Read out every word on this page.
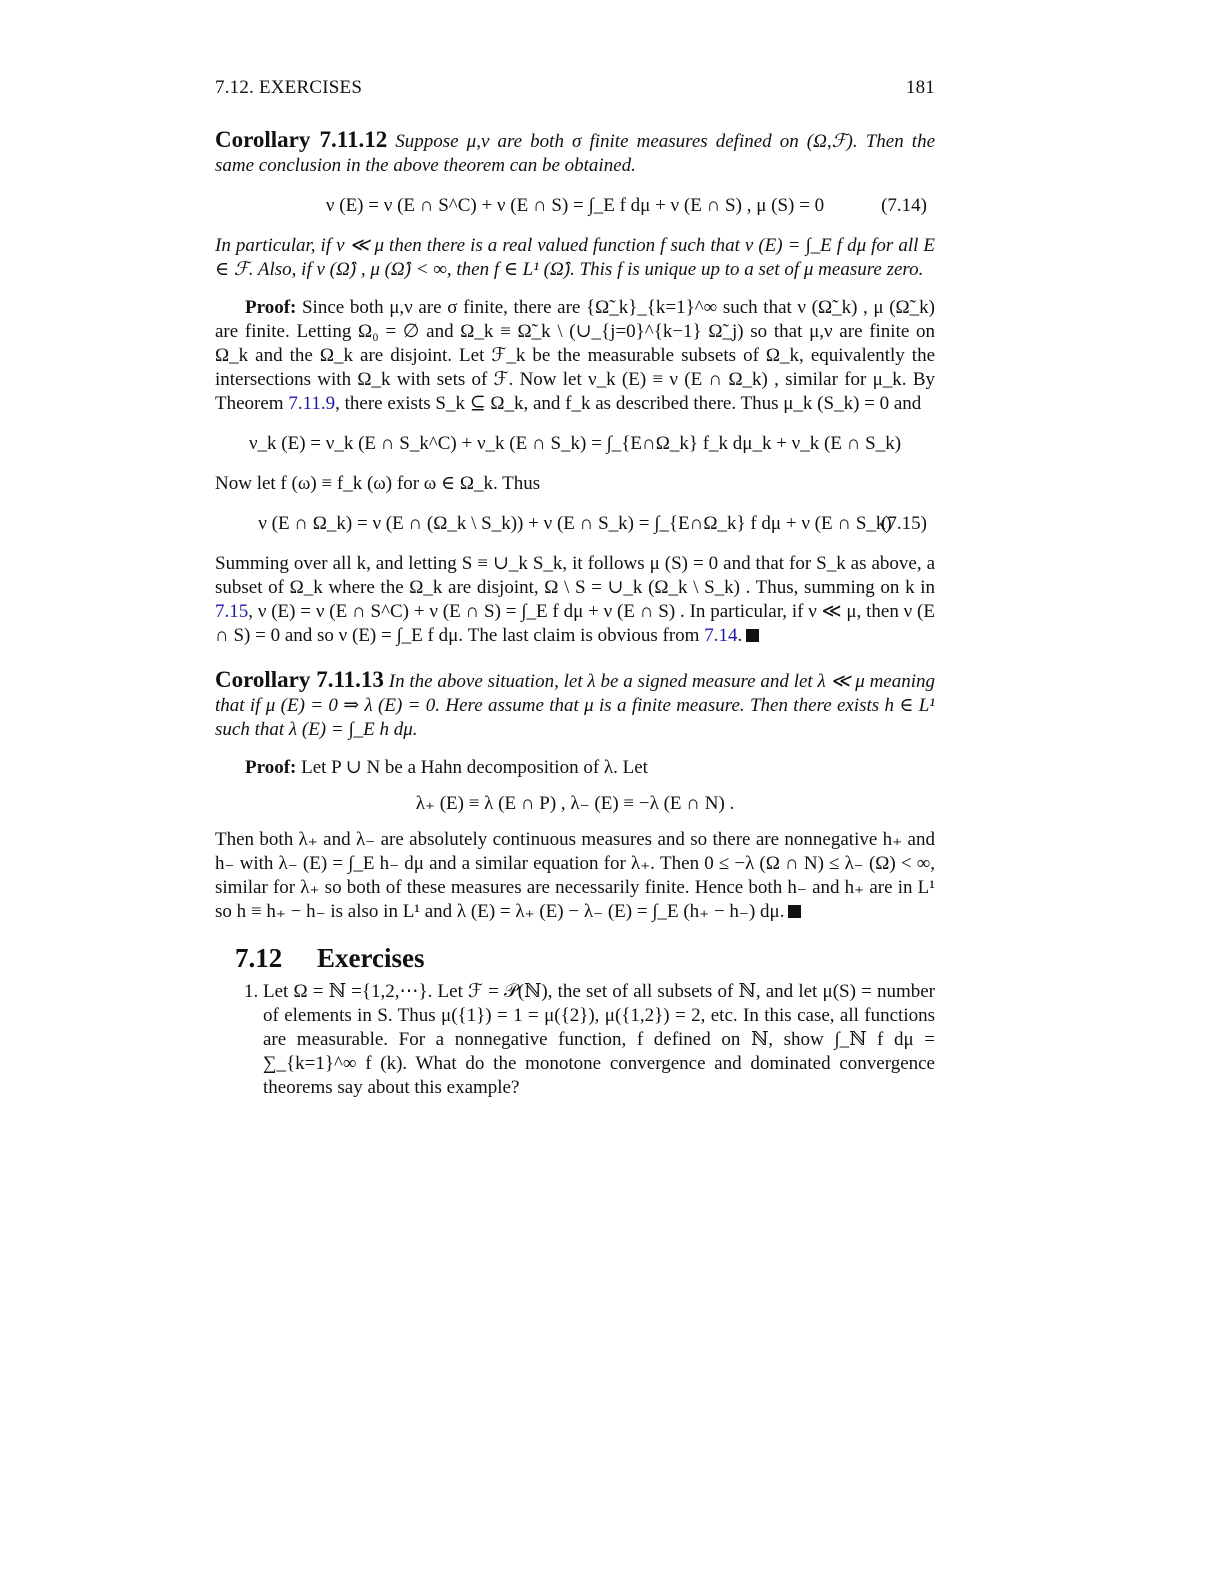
7.12. EXERCISES	181

Corollary 7.11.12 Suppose μ,ν are both σ finite measures defined on (Ω,ℱ). Then the same conclusion in the above theorem can be obtained.

ν (E) = ν (E ∩ S^C) + ν (E ∩ S) = ∫_E f dμ + ν (E ∩ S) , μ (S) = 0	(7.14)

In particular, if ν ≪ μ then there is a real valued function f such that ν (E) = ∫_E f dμ for all E ∈ ℱ. Also, if ν (Ω̂) , μ (Ω̂) < ∞, then f ∈ L¹ (Ω̂). This f is unique up to a set of μ measure zero.

Proof: Since both μ,ν are σ finite, there are {Ω̃_k}_{k=1}^∞ such that ν (Ω̃_k) , μ (Ω̃_k) are finite. Letting Ω₀ = ∅ and Ω_k ≡ Ω̃_k \ (∪_{j=0}^{k−1} Ω̃_j) so that μ,ν are finite on Ω_k and the Ω_k are disjoint. Let ℱ_k be the measurable subsets of Ω_k, equivalently the intersections with Ω_k with sets of ℱ. Now let ν_k (E) ≡ ν (E ∩ Ω_k) , similar for μ_k. By Theorem 7.11.9, there exists S_k ⊆ Ω_k, and f_k as described there. Thus μ_k (S_k) = 0 and

ν_k (E) = ν_k (E ∩ S_k^C) + ν_k (E ∩ S_k) = ∫_{E∩Ω_k} f_k dμ_k + ν_k (E ∩ S_k)

Now let f (ω) ≡ f_k (ω) for ω ∈ Ω_k. Thus

ν (E ∩ Ω_k) = ν (E ∩ (Ω_k \ S_k)) + ν (E ∩ S_k) = ∫_{E∩Ω_k} f dμ + ν (E ∩ S_k)
(7.15)

Summing over all k, and letting S ≡ ∪_k S_k, it follows μ (S) = 0 and that for S_k as above, a subset of Ω_k where the Ω_k are disjoint, Ω \ S = ∪_k (Ω_k \ S_k) . Thus, summing on k in 7.15, ν (E) = ν (E ∩ S^C) + ν (E ∩ S) = ∫_E f dμ + ν (E ∩ S) . In particular, if ν ≪ μ, then ν (E ∩ S) = 0 and so ν (E) = ∫_E f dμ. The last claim is obvious from 7.14.

Corollary 7.11.13 In the above situation, let λ be a signed measure and let λ ≪ μ meaning that if μ (E) = 0 ⇒ λ (E) = 0. Here assume that μ is a finite measure. Then there exists h ∈ L¹ such that λ (E) = ∫_E h dμ.

Proof: Let P ∪ N be a Hahn decomposition of λ. Let

λ₊ (E) ≡ λ (E ∩ P) , λ₋ (E) ≡ −λ (E ∩ N) .

Then both λ₊ and λ₋ are absolutely continuous measures and so there are nonnegative h₊ and h₋ with λ₋ (E) = ∫_E h₋ dμ and a similar equation for λ₊. Then 0 ≤ −λ (Ω ∩ N) ≤ λ₋ (Ω) < ∞, similar for λ₊ so both of these measures are necessarily finite. Hence both h₋ and h₊ are in L¹ so h ≡ h₊ − h₋ is also in L¹ and λ (E) = λ₊ (E) − λ₋ (E) = ∫_E (h₊ − h₋) dμ.

7.12 Exercises
1. Let Ω = ℕ ={1,2,⋯}. Let ℱ = 𝒫(ℕ), the set of all subsets of ℕ, and let μ(S) = number of elements in S. Thus μ({1}) = 1 = μ({2}), μ({1,2}) = 2, etc. In this case, all functions are measurable. For a nonnegative function, f defined on ℕ, show ∫_ℕ f dμ = ∑_{k=1}^∞ f (k). What do the monotone convergence and dominated convergence theorems say about this example?
